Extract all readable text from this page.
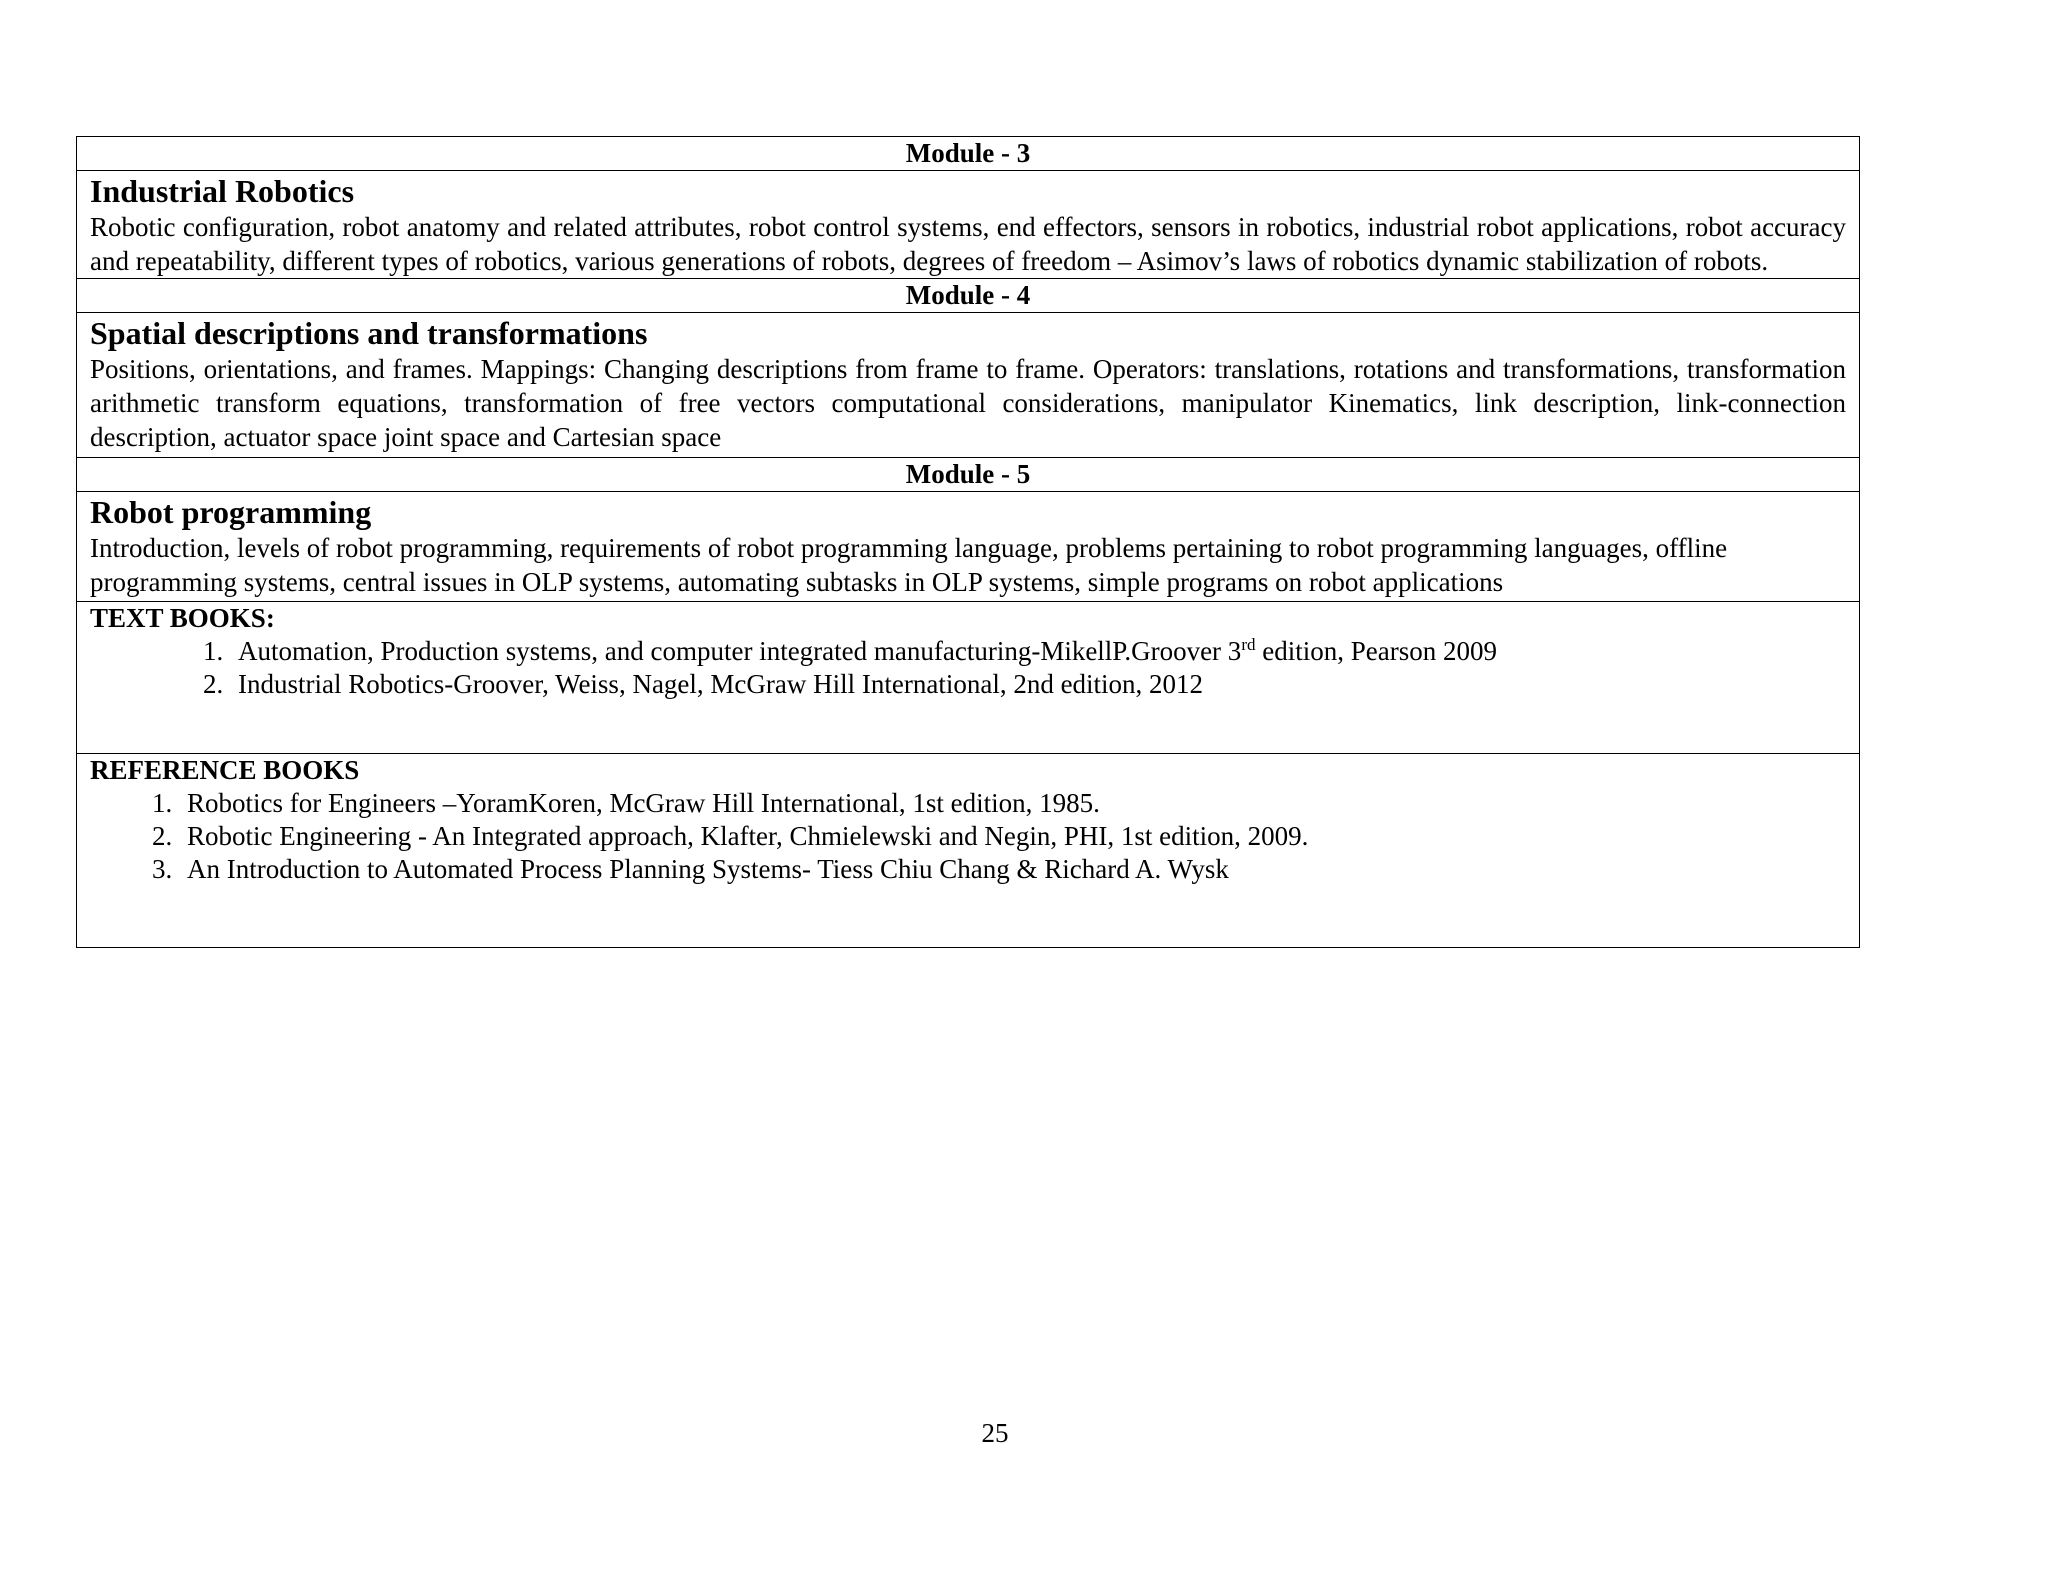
Module - 3

Industrial Robotics
Robotic configuration, robot anatomy and related attributes, robot control systems, end effectors, sensors in robotics, industrial robot applications, robot accuracy and repeatability, different types of robotics, various generations of robots, degrees of freedom – Asimov’s laws of robotics dynamic stabilization of robots.

Module - 4

Spatial descriptions and transformations
Positions, orientations, and frames. Mappings: Changing descriptions from frame to frame. Operators: translations, rotations and transformations, transformation arithmetic transform equations, transformation of free vectors computational considerations, manipulator Kinematics, link description, link-connection description, actuator space joint space and Cartesian space

Module - 5

Robot programming
Introduction, levels of robot programming, requirements of robot programming language, problems pertaining to robot programming languages, offline programming systems, central issues in OLP systems, automating subtasks in OLP systems, simple programs on robot applications

TEXT BOOKS:
1. Automation, Production systems, and computer integrated manufacturing-MikellP.Groover 3rd edition, Pearson 2009
2. Industrial Robotics-Groover, Weiss, Nagel, McGraw Hill International, 2nd edition, 2012

REFERENCE BOOKS
1. Robotics for Engineers –YoramKoren, McGraw Hill International, 1st edition, 1985.
2. Robotic Engineering - An Integrated approach, Klafter, Chmielewski and Negin, PHI, 1st edition, 2009.
3. An Introduction to Automated Process Planning Systems- Tiess Chiu Chang & Richard A. Wysk
25
